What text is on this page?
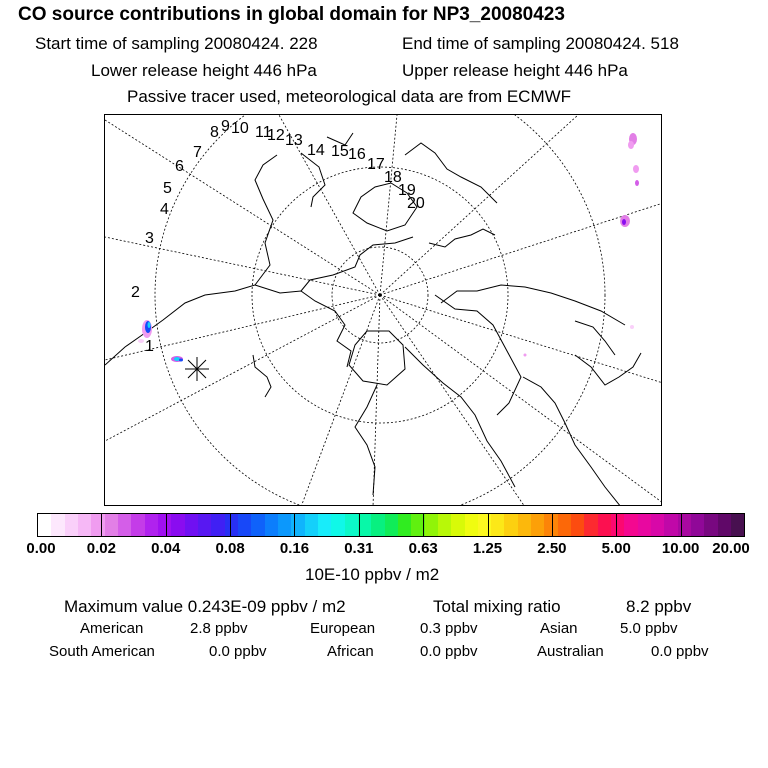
CO source contributions in global domain for NP3_20080423
Start time of sampling 20080424. 228	End time of sampling 20080424. 518
Lower release height 446 hPa	Upper release height 446 hPa
Passive tracer used, meteorological data are from ECMWF
1
2
3
4
5
6
7
8 9 10 11
12 13
14 15 16
17
18
19
20
0.00 0.02 0.04 0.08 0.16 0.31 0.63 1.25 2.50 5.00 10.00 20.00
10E-10 ppbv / m2
Maximum value 0.243E-09 ppbv / m2	Total mixing ratio	8.2 ppbv
American	2.8 ppbv	European	0.3 ppbv	Asian	5.0 ppbv
South American	0.0 ppbv	African	0.0 ppbv	Australian	0.0 ppbv
